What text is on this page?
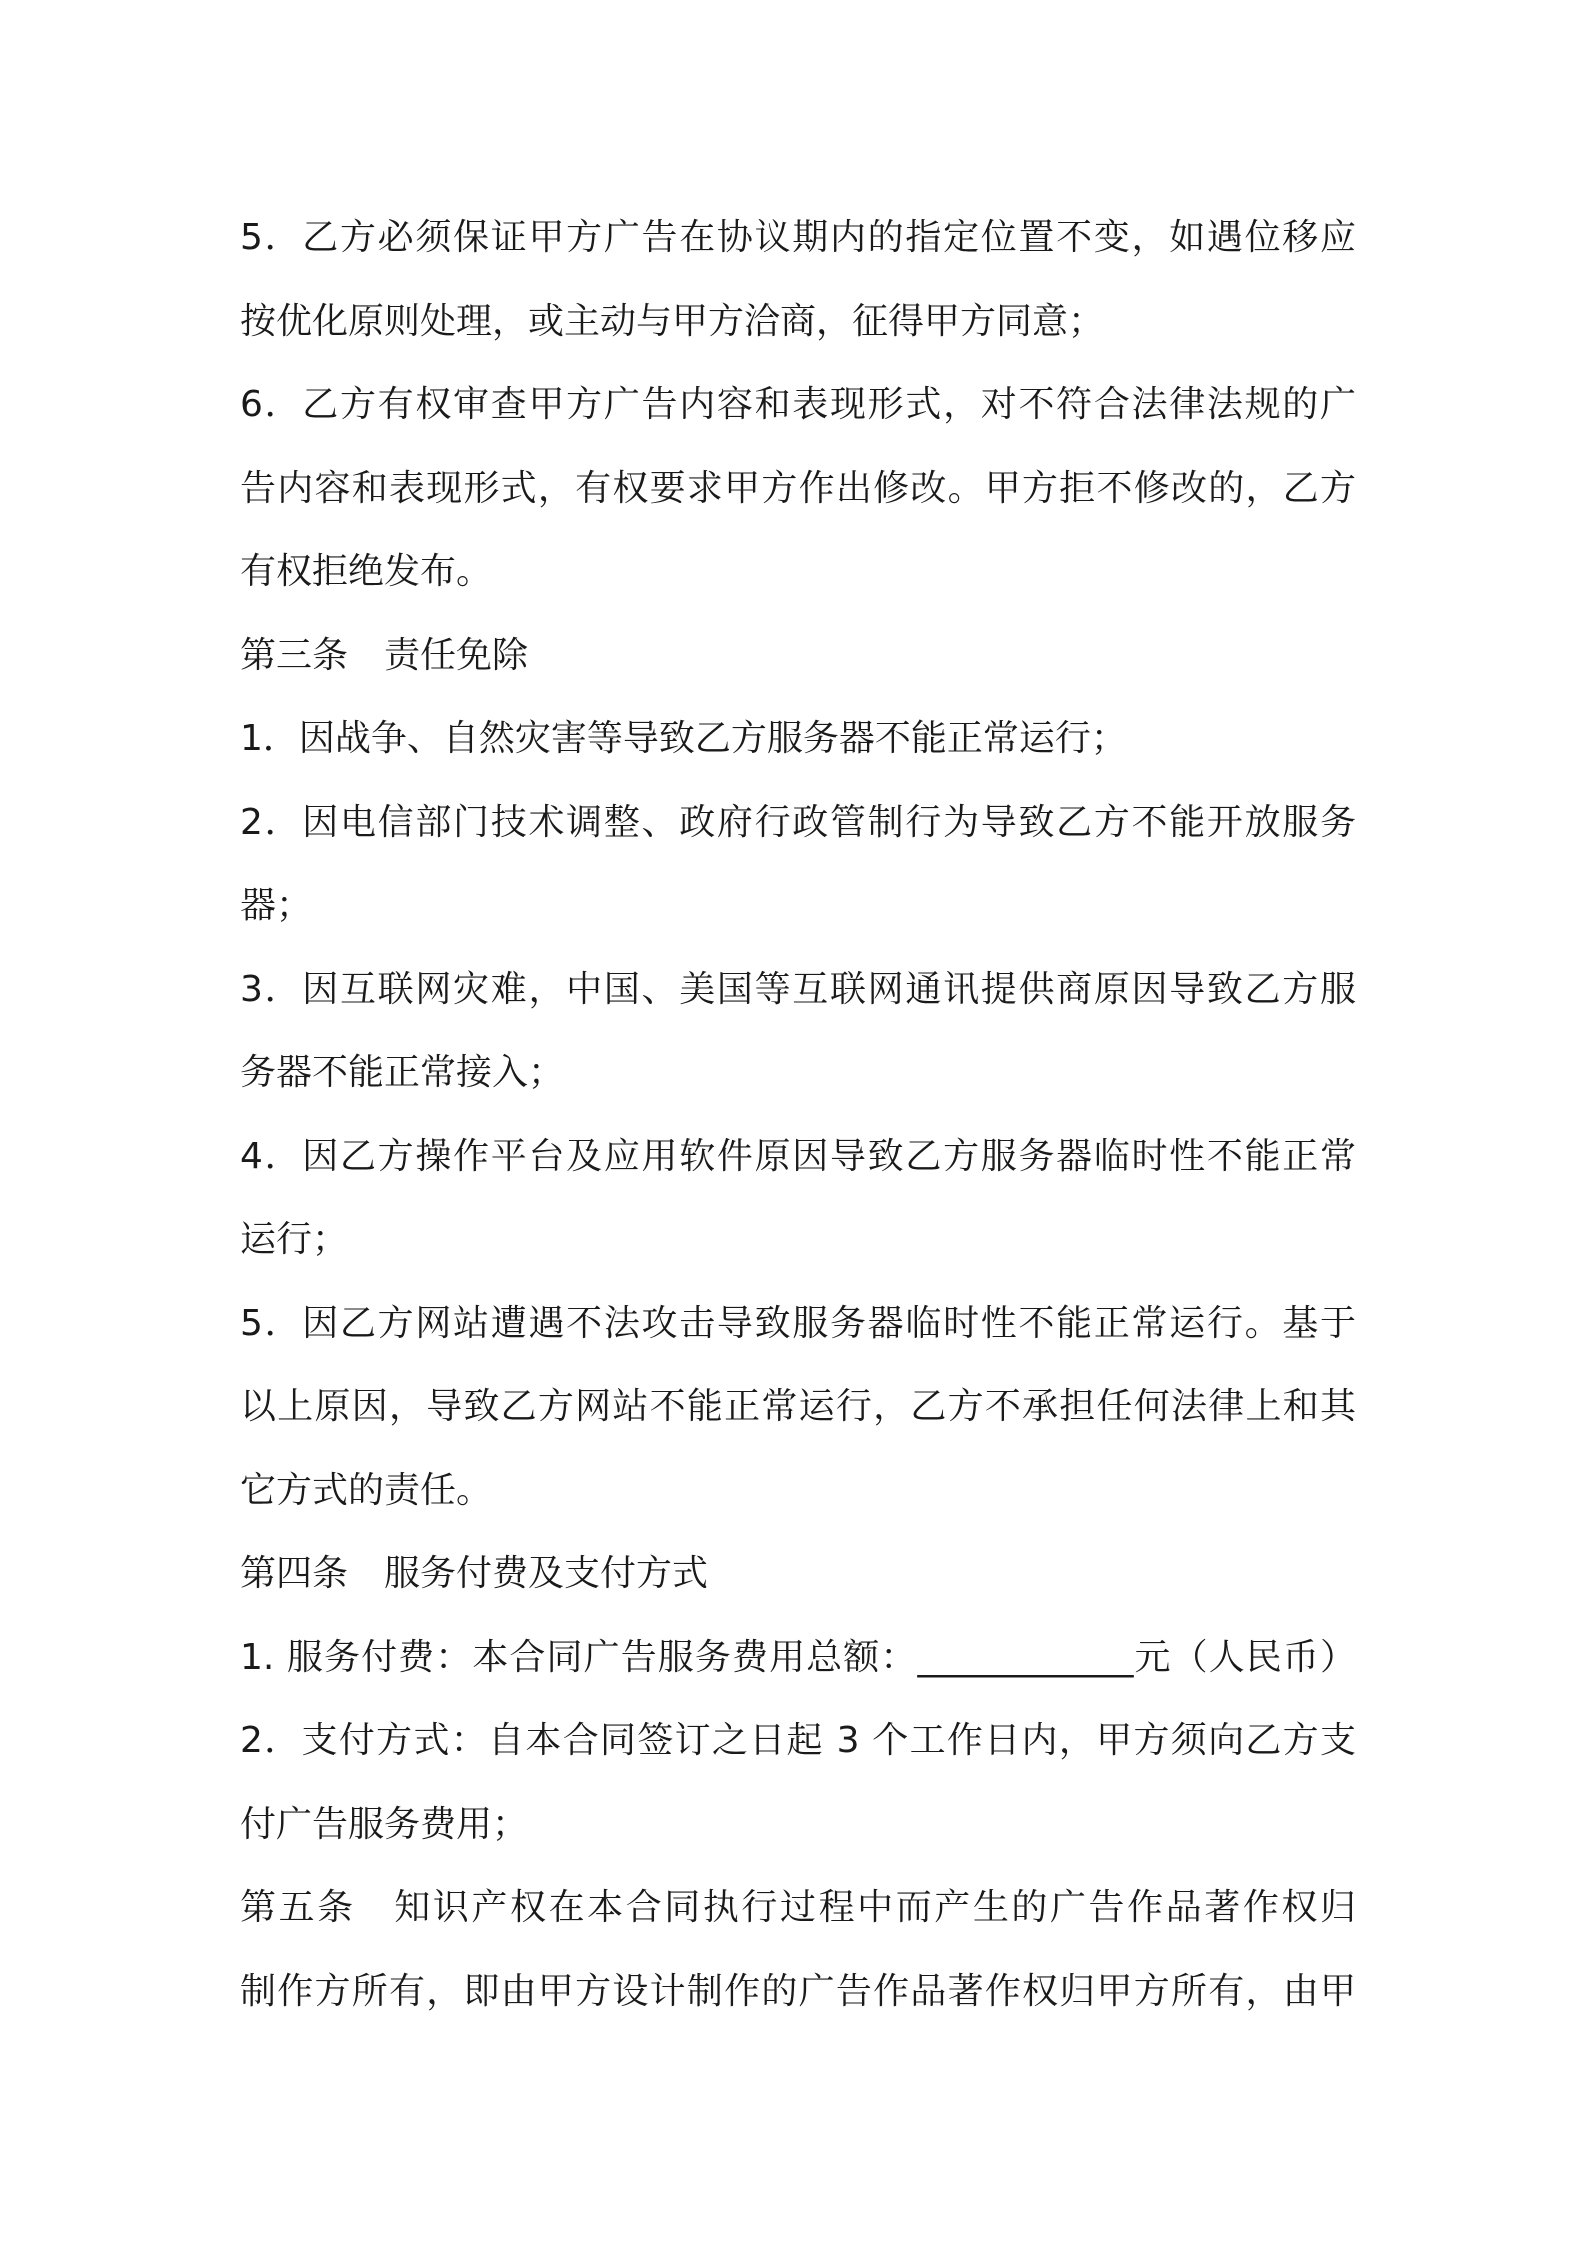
5．乙方必须保证甲方广告在协议期内的指定位置不变，如遇位移应
按优化原则处理，或主动与甲方洽商，征得甲方同意；
6．乙方有权审查甲方广告内容和表现形式，对不符合法律法规的广
告内容和表现形式，有权要求甲方作出修改。甲方拒不修改的，乙方
有权拒绝发布。
第三条　责任免除
1．因战争、自然灾害等导致乙方服务器不能正常运行；
2．因电信部门技术调整、政府行政管制行为导致乙方不能开放服务
器；
3．因互联网灾难，中国、美国等互联网通讯提供商原因导致乙方服
务器不能正常接入；
4．因乙方操作平台及应用软件原因导致乙方服务器临时性不能正常
运行；
5．因乙方网站遭遇不法攻击导致服务器临时性不能正常运行。基于
以上原因，导致乙方网站不能正常运行，乙方不承担任何法律上和其
它方式的责任。
第四条　服务付费及支付方式
1. 服务付费：本合同广告服务费用总额：____________元（人民币）
2．支付方式：自本合同签订之日起 3 个工作日内，甲方须向乙方支
付广告服务费用；
第五条　知识产权在本合同执行过程中而产生的广告作品著作权归
制作方所有，即由甲方设计制作的广告作品著作权归甲方所有，由甲
